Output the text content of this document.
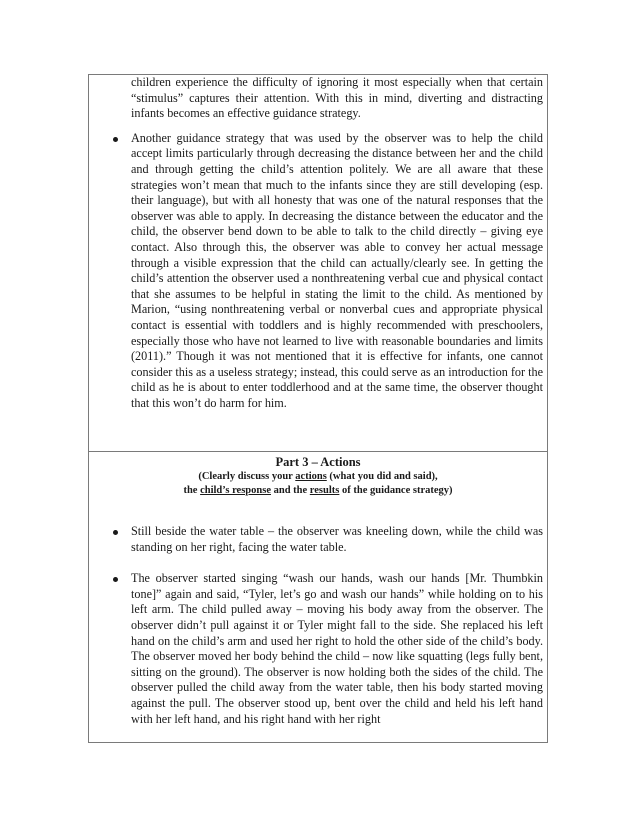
children experience the difficulty of ignoring it most especially when that certain “stimulus” captures their attention. With this in mind, diverting and distracting infants becomes an effective guidance strategy.

Another guidance strategy that was used by the observer was to help the child accept limits particularly through decreasing the distance between her and the child and through getting the child’s attention politely. We are all aware that these strategies won’t mean that much to the infants since they are still developing (esp. their language), but with all honesty that was one of the natural responses that the observer was able to apply. In decreasing the distance between the educator and the child, the observer bend down to be able to talk to the child directly – giving eye contact. Also through this, the observer was able to convey her actual message through a visible expression that the child can actually/clearly see. In getting the child’s attention the observer used a nonthreatening verbal cue and physical contact that she assumes to be helpful in stating the limit to the child. As mentioned by Marion, “using nonthreatening verbal or nonverbal cues and appropriate physical contact is essential with toddlers and is highly recommended with preschoolers, especially those who have not learned to live with reasonable boundaries and limits (2011).” Though it was not mentioned that it is effective for infants, one cannot consider this as a useless strategy; instead, this could serve as an introduction for the child as he is about to enter toddlerhood and at the same time, the observer thought that this won’t do harm for him.

Part 3 – Actions
(Clearly discuss your actions (what you did and said),
the child’s response and the results of the guidance strategy)
Still beside the water table – the observer was kneeling down, while the child was standing on her right, facing the water table.
The observer started singing “wash our hands, wash our hands [Mr. Thumbkin tone]” again and said, “Tyler, let’s go and wash our hands” while holding on to his left arm. The child pulled away – moving his body away from the observer. The observer didn’t pull against it or Tyler might fall to the side. She replaced his left hand on the child’s arm and used her right to hold the other side of the child’s body. The observer moved her body behind the child – now like squatting (legs fully bent, sitting on the ground). The observer is now holding both the sides of the child. The observer pulled the child away from the water table, then his body started moving against the pull. The observer stood up, bent over the child and held his left hand with her left hand, and his right hand with her right
